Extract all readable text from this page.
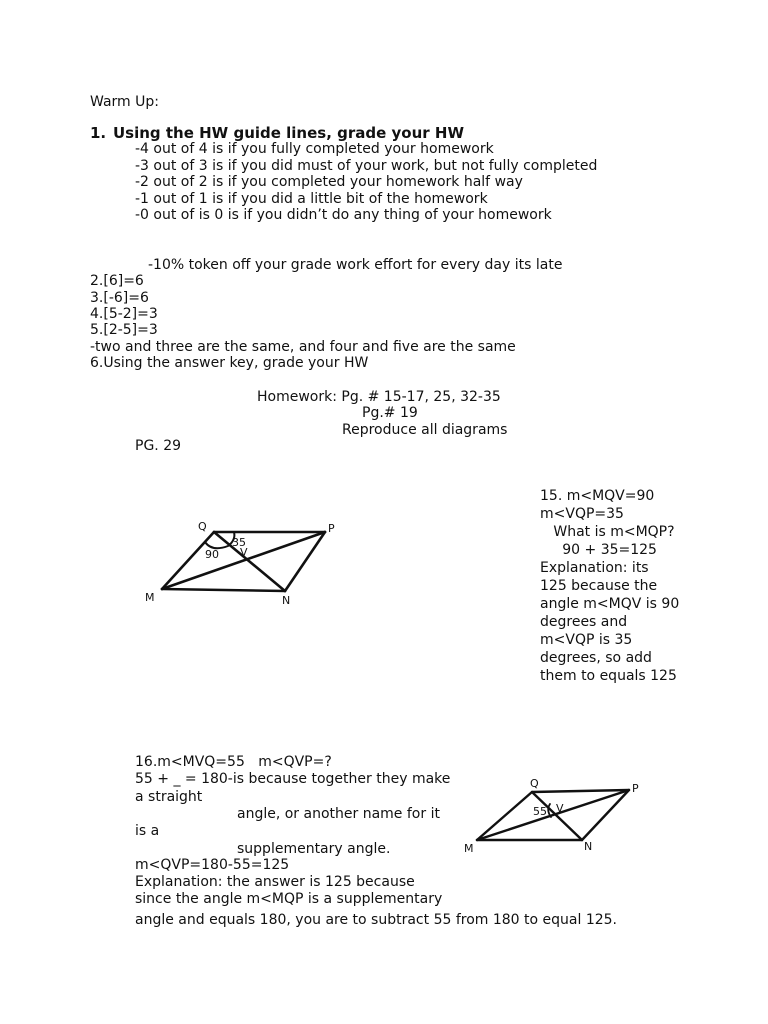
Warm Up:
1. Using the HW guide lines, grade your HW
-4 out of 4 is if you fully completed your homework
-3 out of 3 is if you did must of your work, but not fully completed
-2 out of 2 is if you completed your homework half way
-1 out of 1 is if you did a little bit of the homework
-0 out of is 0 is if you didn’t do any thing of your homework
-10% token off your grade work effort for every day its late
2.[6]=6
3.[-6]=6
4.[5-2]=3
5.[2-5]=3
-two and three are the same, and four and five are the same
6.Using the answer key, grade your HW
Homework: Pg. # 15-17, 25, 32-35
Pg.# 19
Reproduce all diagrams
PG. 29
Q	P
M	N
35
90 V
15. m<MQV=90
m<VQP=35
What is m<MQP?
90 + 35=125
Explanation: its
125 because the
angle m<MQV is 90
degrees and
m<VQP is 35
degrees, so add
them to equals 125
16.m<MVQ=55   m<QVP=?
55 + _ = 180-is because together they make
a straight
angle, or another name for it
is a
supplementary angle.
m<QVP=180-55=125
Explanation: the answer is 125 because
since the angle m<MQP is a supplementary
angle and equals 180, you are to subtract 55 from 180 to equal 125.
Q	P
M	N
55 V
